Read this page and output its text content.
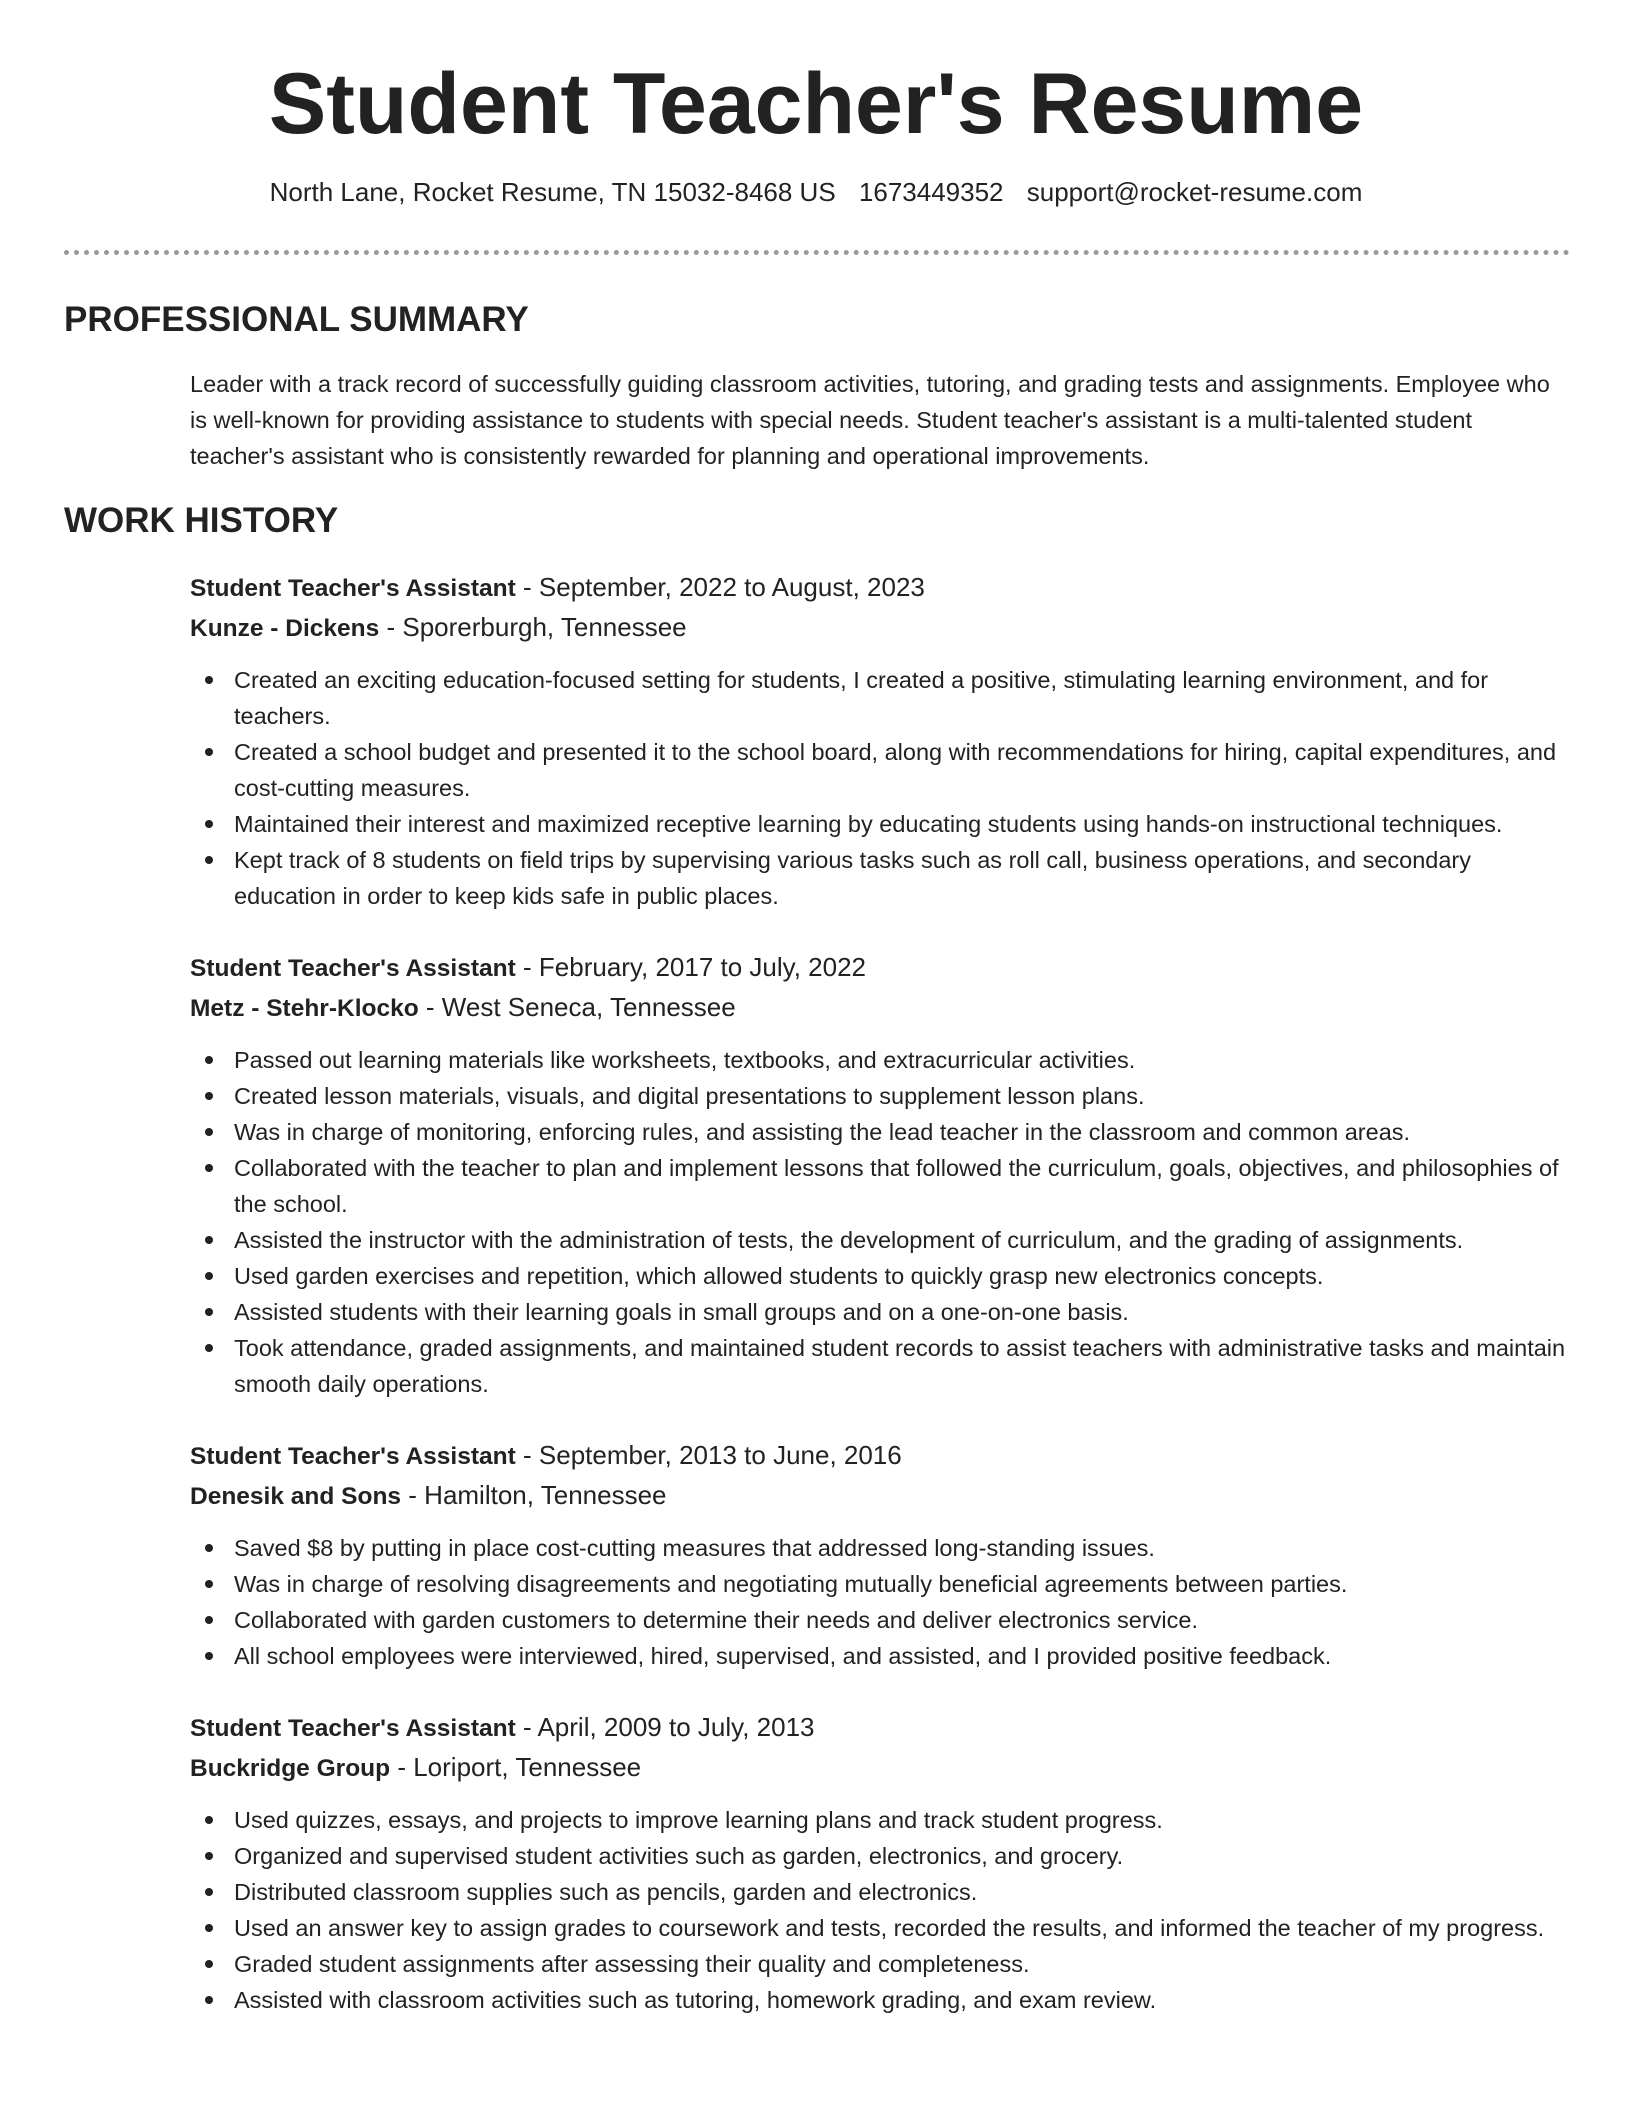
Student Teacher's Resume
North Lane, Rocket Resume, TN 15032-8468 US 1673449352 support@rocket-resume.com
PROFESSIONAL SUMMARY
Leader with a track record of successfully guiding classroom activities, tutoring, and grading tests and assignments. Employee who is well-known for providing assistance to students with special needs. Student teacher's assistant is a multi-talented student teacher's assistant who is consistently rewarded for planning and operational improvements.
WORK HISTORY
Student Teacher's Assistant - September, 2022 to August, 2023
Kunze - Dickens - Sporerburgh, Tennessee
Created an exciting education-focused setting for students, I created a positive, stimulating learning environment, and for teachers.
Created a school budget and presented it to the school board, along with recommendations for hiring, capital expenditures, and cost-cutting measures.
Maintained their interest and maximized receptive learning by educating students using hands-on instructional techniques.
Kept track of 8 students on field trips by supervising various tasks such as roll call, business operations, and secondary education in order to keep kids safe in public places.
Student Teacher's Assistant - February, 2017 to July, 2022
Metz - Stehr-Klocko - West Seneca, Tennessee
Passed out learning materials like worksheets, textbooks, and extracurricular activities.
Created lesson materials, visuals, and digital presentations to supplement lesson plans.
Was in charge of monitoring, enforcing rules, and assisting the lead teacher in the classroom and common areas.
Collaborated with the teacher to plan and implement lessons that followed the curriculum, goals, objectives, and philosophies of the school.
Assisted the instructor with the administration of tests, the development of curriculum, and the grading of assignments.
Used garden exercises and repetition, which allowed students to quickly grasp new electronics concepts.
Assisted students with their learning goals in small groups and on a one-on-one basis.
Took attendance, graded assignments, and maintained student records to assist teachers with administrative tasks and maintain smooth daily operations.
Student Teacher's Assistant - September, 2013 to June, 2016
Denesik and Sons - Hamilton, Tennessee
Saved $8 by putting in place cost-cutting measures that addressed long-standing issues.
Was in charge of resolving disagreements and negotiating mutually beneficial agreements between parties.
Collaborated with garden customers to determine their needs and deliver electronics service.
All school employees were interviewed, hired, supervised, and assisted, and I provided positive feedback.
Student Teacher's Assistant - April, 2009 to July, 2013
Buckridge Group - Loriport, Tennessee
Used quizzes, essays, and projects to improve learning plans and track student progress.
Organized and supervised student activities such as garden, electronics, and grocery.
Distributed classroom supplies such as pencils, garden and electronics.
Used an answer key to assign grades to coursework and tests, recorded the results, and informed the teacher of my progress.
Graded student assignments after assessing their quality and completeness.
Assisted with classroom activities such as tutoring, homework grading, and exam review.
